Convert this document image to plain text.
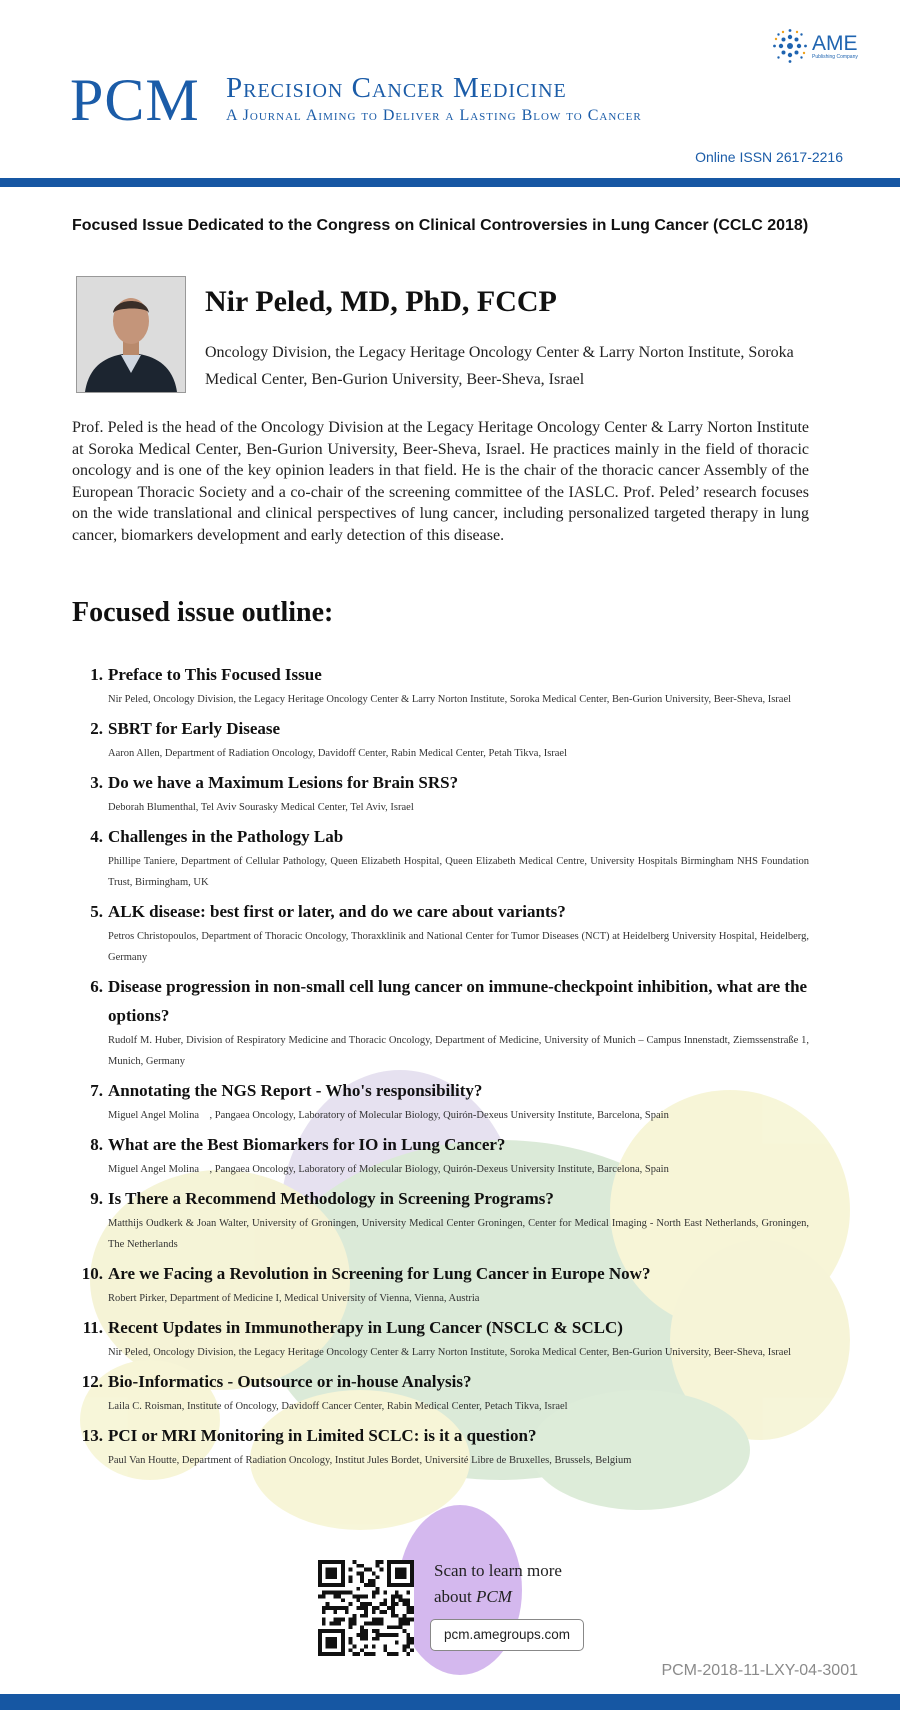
AME
Publishing Company
PCM Precision Cancer Medicine
A Journal Aiming to Deliver a Lasting Blow to Cancer
Online ISSN 2617-2216
Focused Issue Dedicated to the Congress on Clinical Controversies in Lung Cancer (CCLC 2018)
Nir Peled, MD, PhD, FCCP
Oncology Division, the Legacy Heritage Oncology Center & Larry Norton Institute, Soroka Medical Center, Ben-Gurion University, Beer-Sheva, Israel

Prof. Peled is the head of the Oncology Division at the Legacy Heritage Oncology Center & Larry Norton Institute at Soroka Medical Center, Ben-Gurion University, Beer-Sheva, Israel. He practices mainly in the field of thoracic oncology and is one of the key opinion leaders in that field. He is the chair of the thoracic cancer Assembly of the European Thoracic Society and a co-chair of the screening committee of the IASLC. Prof. Peled’ research focuses on the wide translational and clinical perspectives of lung cancer, including personalized targeted therapy in lung cancer, biomarkers development and early detection of this disease.

Focused issue outline:
1. Preface to This Focused Issue
Nir Peled, Oncology Division, the Legacy Heritage Oncology Center & Larry Norton Institute, Soroka Medical Center, Ben-Gurion University, Beer-Sheva, Israel
2. SBRT for Early Disease
Aaron Allen, Department of Radiation Oncology, Davidoff Center, Rabin Medical Center, Petah Tikva, Israel
3. Do we have a Maximum Lesions for Brain SRS?
Deborah Blumenthal, Tel Aviv Sourasky Medical Center, Tel Aviv, Israel
4. Challenges in the Pathology Lab
Phillipe Taniere, Department of Cellular Pathology, Queen Elizabeth Hospital, Queen Elizabeth Medical Centre, University Hospitals Birmingham NHS Foundation Trust, Birmingham, UK
5. ALK disease: best first or later, and do we care about variants?
Petros Christopoulos, Department of Thoracic Oncology, Thoraxklinik and National Center for Tumor Diseases (NCT) at Heidelberg University Hospital, Heidelberg, Germany
6. Disease progression in non-small cell lung cancer on immune-checkpoint inhibition, what are the options?
Rudolf M. Huber, Division of Respiratory Medicine and Thoracic Oncology, Department of Medicine, University of Munich – Campus Innenstadt, Ziemssenstraße 1, Munich, Germany
7. Annotating the NGS Report - Who's responsibility?
Miguel Angel Molina    , Pangaea Oncology, Laboratory of Molecular Biology, Quirón-Dexeus University Institute, Barcelona, Spain
8. What are the Best Biomarkers for IO in Lung Cancer?
Miguel Angel Molina    , Pangaea Oncology, Laboratory of Molecular Biology, Quirón-Dexeus University Institute, Barcelona, Spain
9. Is There a Recommend Methodology in Screening Programs?
Matthijs Oudkerk & Joan Walter, University of Groningen, University Medical Center Groningen, Center for Medical Imaging - North East Netherlands, Groningen, The Netherlands
10. Are we Facing a Revolution in Screening for Lung Cancer in Europe Now?
Robert Pirker, Department of Medicine I, Medical University of Vienna, Vienna, Austria
11. Recent Updates in Immunotherapy in Lung Cancer (NSCLC & SCLC)
Nir Peled, Oncology Division, the Legacy Heritage Oncology Center & Larry Norton Institute, Soroka Medical Center, Ben-Gurion University, Beer-Sheva, Israel
12. Bio-Informatics - Outsource or in-house Analysis?
Laila C. Roisman, Institute of Oncology, Davidoff Cancer Center, Rabin Medical Center, Petach Tikva, Israel
13. PCI or MRI Monitoring in Limited SCLC: is it a question?
Paul Van Houtte, Department of Radiation Oncology, Institut Jules Bordet, Université Libre de Bruxelles, Brussels, Belgium
Scan to learn more
about PCM
pcm.amegroups.com
PCM-2018-11-LXY-04-3001
